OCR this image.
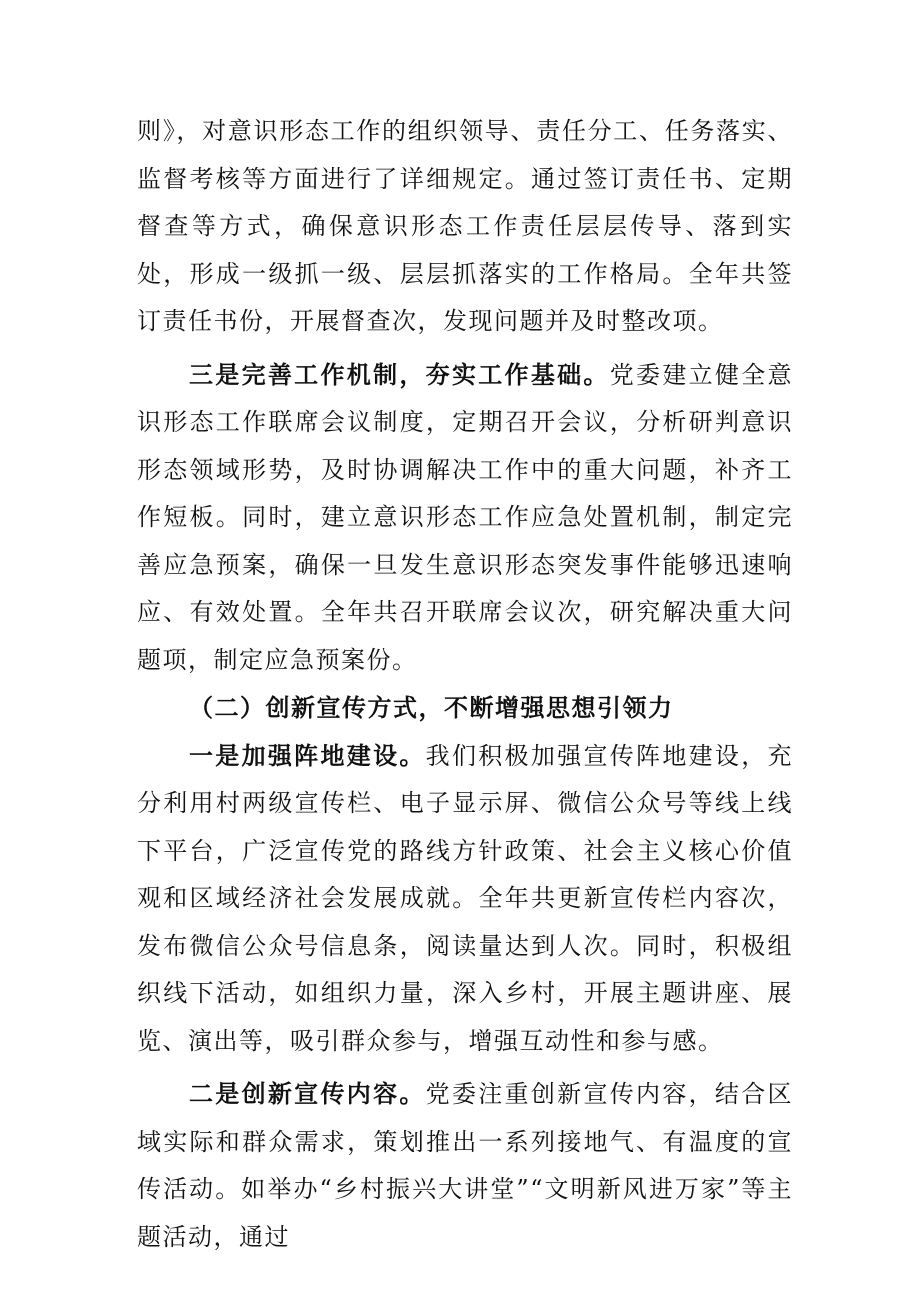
则》，对意识形态工作的组织领导、责任分工、任务落实、监督考核等方面进行了详细规定。通过签订责任书、定期督查等方式，确保意识形态工作责任层层传导、落到实处，形成一级抓一级、层层抓落实的工作格局。全年共签订责任书份，开展督查次，发现问题并及时整改项。

三是完善工作机制，夯实工作基础。党委建立健全意识形态工作联席会议制度，定期召开会议，分析研判意识形态领域形势，及时协调解决工作中的重大问题，补齐工作短板。同时，建立意识形态工作应急处置机制，制定完善应急预案，确保一旦发生意识形态突发事件能够迅速响应、有效处置。全年共召开联席会议次，研究解决重大问题项，制定应急预案份。

（二）创新宣传方式，不断增强思想引领力

一是加强阵地建设。我们积极加强宣传阵地建设，充分利用村两级宣传栏、电子显示屏、微信公众号等线上线下平台，广泛宣传党的路线方针政策、社会主义核心价值观和区域经济社会发展成就。全年共更新宣传栏内容次，发布微信公众号信息条，阅读量达到人次。同时，积极组织线下活动，如组织力量，深入乡村，开展主题讲座、展览、演出等，吸引群众参与，增强互动性和参与感。

二是创新宣传内容。党委注重创新宣传内容，结合区域实际和群众需求，策划推出一系列接地气、有温度的宣传活动。如举办“乡村振兴大讲堂”“文明新风进万家”等主题活动，通过
